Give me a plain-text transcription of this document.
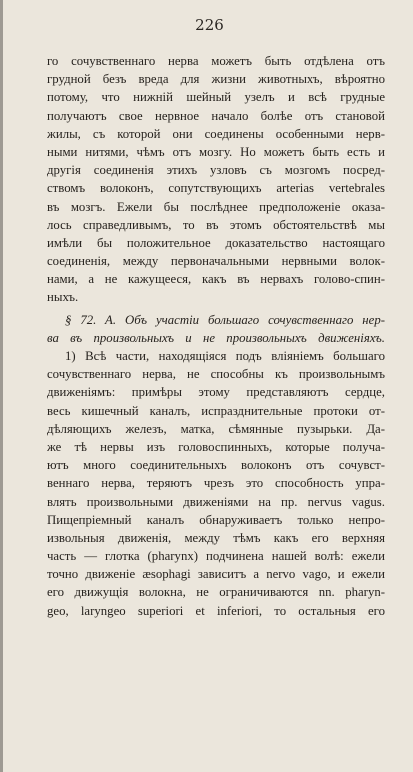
226
го сочувственнаго нерва можетъ быть отдѣлена отъ
грудной безъ вреда для жизни животныхъ, вѣроятно
потому, что нижній шейный узелъ и всѣ грудные
получаютъ свое нервное начало болѣе отъ становой
жилы, съ которой они соединены особенными нерв-
ными нитями, чѣмъ отъ мозгу. Но можетъ быть есть и
другія соединенія этихъ узловъ съ мозгомъ посред-
ствомъ волоконъ, сопутствующихъ arterias vertebrales
въ мозгъ. Ежели бы послѣднее предположеніе оказа-
лось справедливымъ, то въ этомъ обстоятельствѣ мы
имѣли бы положительное доказательство настоящаго
соединенія, между первоначальными нервными волок-
нами, а не кажущееся, какъ въ нервахъ голово-спин-
ныхъ.
§ 72. A. Объ участіи большаго сочувственнаго нер-
ва въ произвольныхъ и не произвольныхъ движеніяхъ.
1) Всѣ части, находящіяся подъ вліяніемъ большаго
сочувственнаго нерва, не способны къ произвольнымъ
движеніямъ: примѣры этому представляютъ сердце,
весь кишечный каналъ, испразднительные протоки от-
дѣляющихъ железъ, матка, сѣмянные пузырьки. Да-
же тѣ нервы изъ головоспинныхъ, которые получа-
ютъ много соединительныхъ волоконъ отъ сочувст-
веннаго нерва, теряютъ чрезъ это способность упра-
влять произвольными движеніями на пр. nervus vagus.
Пищепріемный каналъ обнаруживаетъ только непро-
извольныя движенія, между тѣмъ какъ его верхняя
часть — глотка (pharynx) подчинена нашей волѣ: ежели
точно движеніе æsophagi зависитъ a nervo vago, и ежели
его движущія волокна, не ограничиваются nn. pharyn-
geo, laryngeo superiori et inferiori, то остальныя его
